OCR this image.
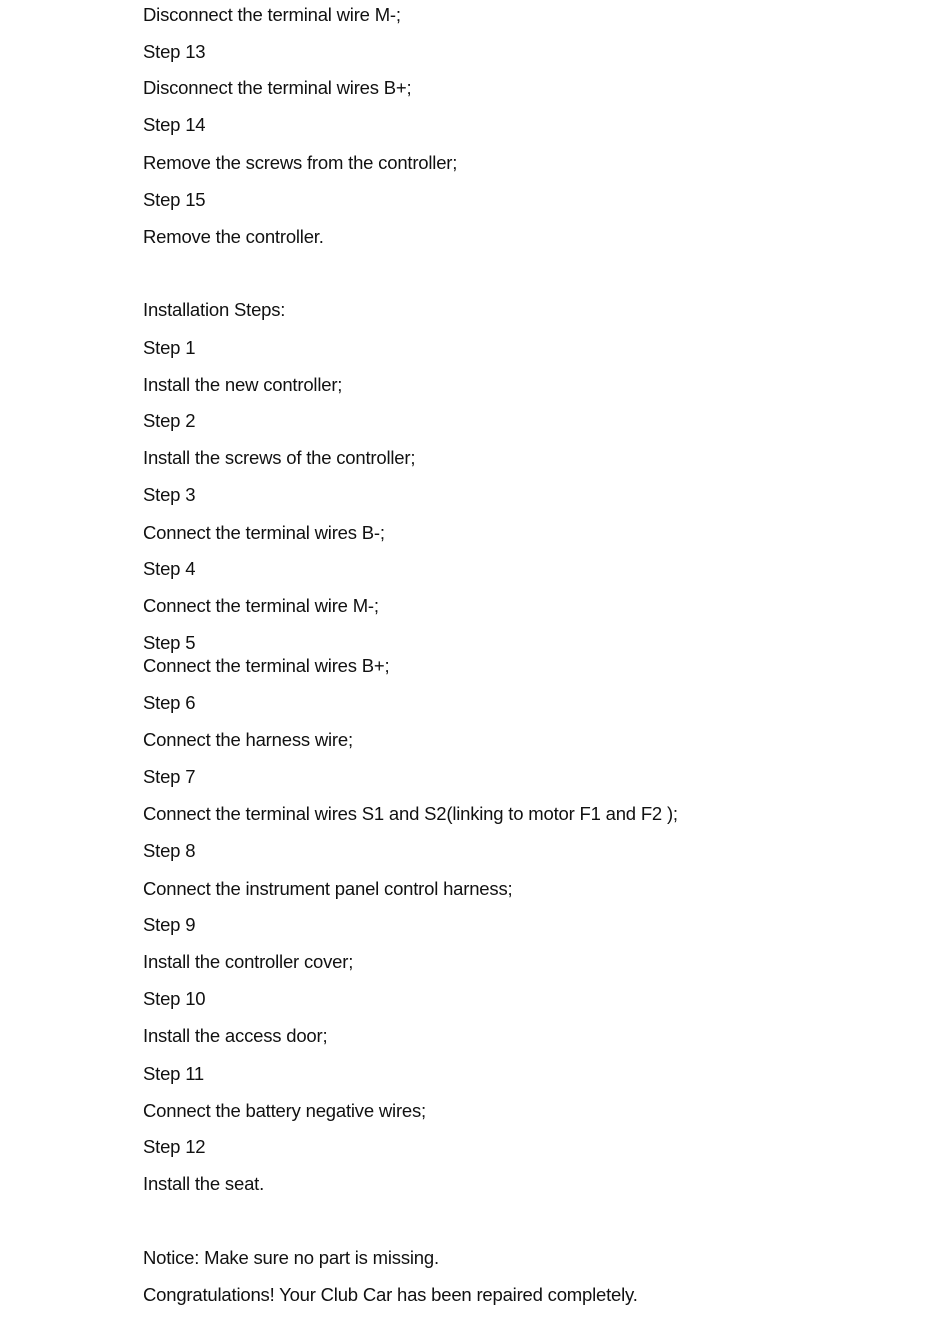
Disconnect the terminal wire M-;
Step 13
Disconnect the terminal wires B+;
Step 14
Remove the screws from the controller;
Step 15
Remove the controller.
Installation Steps:
Step 1
Install the new controller;
Step 2
Install the screws of the controller;
Step 3
Connect the terminal wires B-;
Step 4
Connect the terminal wire M-;
Step 5
Connect the terminal wires B+;
Step 6
Connect the harness wire;
Step 7
Connect the terminal wires S1 and S2(linking to motor F1 and F2 );
Step 8
Connect the instrument panel control harness;
Step 9
Install the controller cover;
Step 10
Install the access door;
Step 11
Connect the battery negative wires;
Step 12
Install the seat.
Notice: Make sure no part is missing.
Congratulations! Your Club Car has been repaired completely.
